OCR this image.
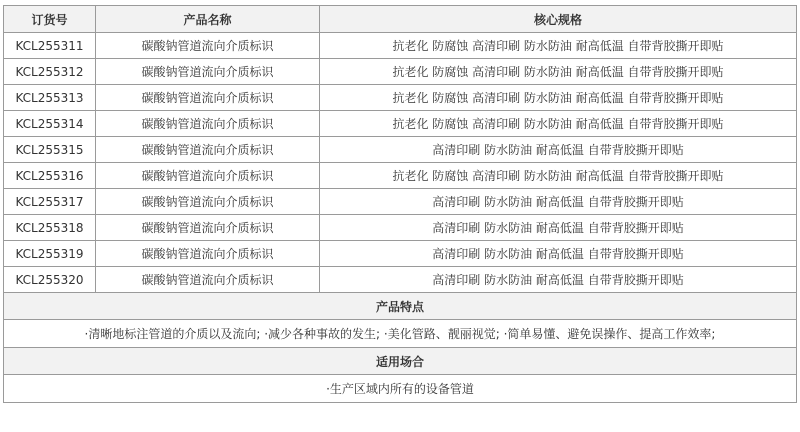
订货号	产品名称	核心规格
KCL255311	碳酸钠管道流向介质标识	抗老化 防腐蚀 高清印刷 防水防油 耐高低温 自带背胶撕开即贴
KCL255312	碳酸钠管道流向介质标识	抗老化 防腐蚀 高清印刷 防水防油 耐高低温 自带背胶撕开即贴
KCL255313	碳酸钠管道流向介质标识	抗老化 防腐蚀 高清印刷 防水防油 耐高低温 自带背胶撕开即贴
KCL255314	碳酸钠管道流向介质标识	抗老化 防腐蚀 高清印刷 防水防油 耐高低温 自带背胶撕开即贴
KCL255315	碳酸钠管道流向介质标识	高清印刷 防水防油 耐高低温 自带背胶撕开即贴
KCL255316	碳酸钠管道流向介质标识	抗老化 防腐蚀 高清印刷 防水防油 耐高低温 自带背胶撕开即贴
KCL255317	碳酸钠管道流向介质标识	高清印刷 防水防油 耐高低温 自带背胶撕开即贴
KCL255318	碳酸钠管道流向介质标识	高清印刷 防水防油 耐高低温 自带背胶撕开即贴
KCL255319	碳酸钠管道流向介质标识	高清印刷 防水防油 耐高低温 自带背胶撕开即贴
KCL255320	碳酸钠管道流向介质标识	高清印刷 防水防油 耐高低温 自带背胶撕开即贴
产品特点		
·清晰地标注管道的介质以及流向; ·减少各种事故的发生; ·美化管路、靓丽视觉; ·简单易懂、避免误操作、提高工作效率;		
适用场合		
·生产区域内所有的设备管道		
